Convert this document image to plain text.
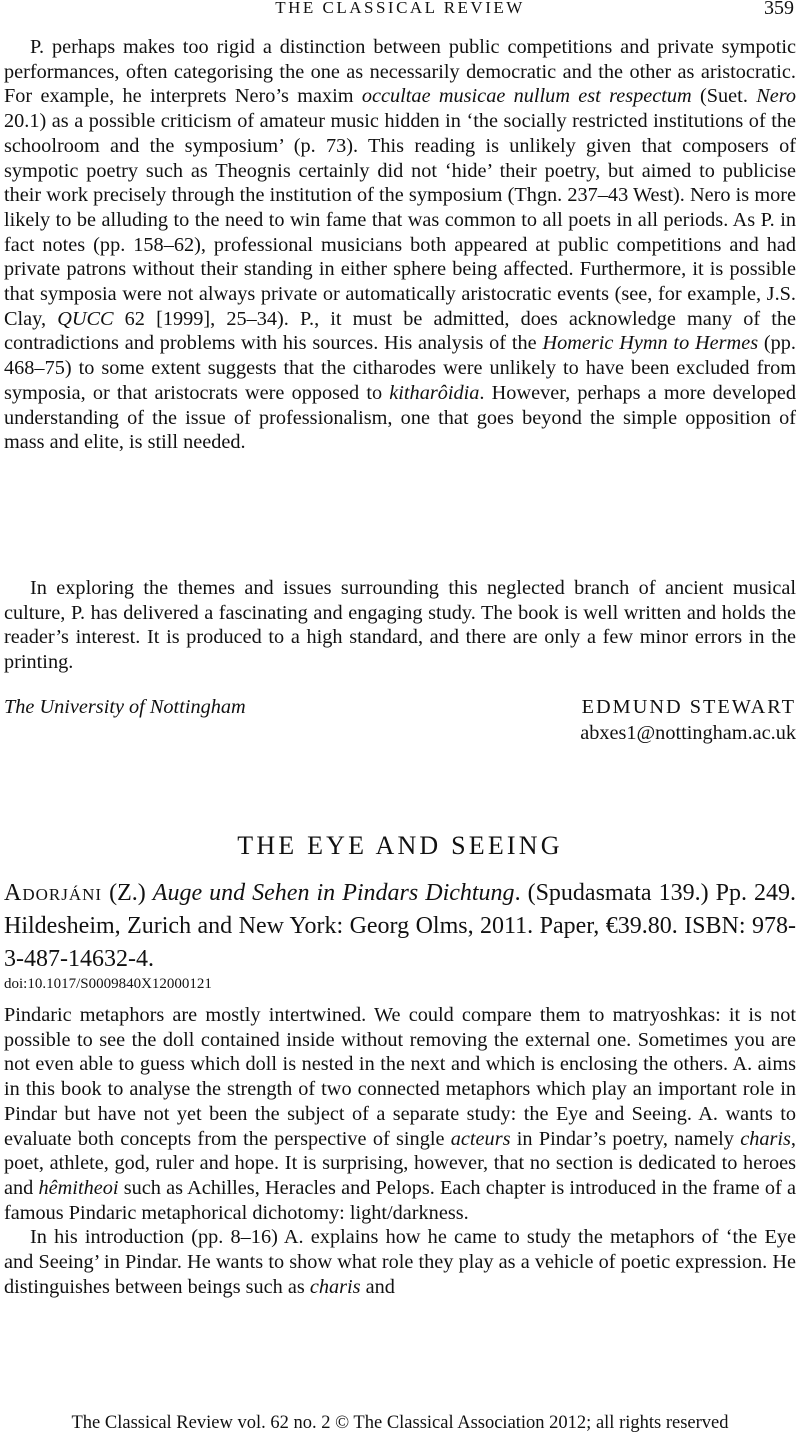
THE CLASSICAL REVIEW	359

P. perhaps makes too rigid a distinction between public competitions and private sympotic performances, often categorising the one as necessarily democratic and the other as aristocratic. For example, he interprets Nero’s maxim occultae musicae nullum est respectum (Suet. Nero 20.1) as a possible criticism of amateur music hidden in ‘the socially restricted institutions of the schoolroom and the symposium’ (p. 73). This reading is unlikely given that composers of sympotic poetry such as Theognis certainly did not ‘hide’ their poetry, but aimed to publicise their work precisely through the institution of the symposium (Thgn. 237–43 West). Nero is more likely to be alluding to the need to win fame that was common to all poets in all periods. As P. in fact notes (pp. 158–62), professional musicians both appeared at public competitions and had private patrons without their standing in either sphere being affected. Furthermore, it is possible that symposia were not always private or automatically aristocratic events (see, for example, J.S. Clay, QUCC 62 [1999], 25–34). P., it must be admitted, does acknowledge many of the contradictions and problems with his sources. His analysis of the Homeric Hymn to Hermes (pp. 468–75) to some extent suggests that the citharodes were unlikely to have been excluded from symposia, or that aristocrats were opposed to kitharôidia. However, perhaps a more developed understanding of the issue of professionalism, one that goes beyond the simple opposition of mass and elite, is still needed.

In exploring the themes and issues surrounding this neglected branch of ancient musical culture, P. has delivered a fascinating and engaging study. The book is well written and holds the reader’s interest. It is produced to a high standard, and there are only a few minor errors in the printing.

The University of Nottingham	EDMUND STEWART
abxes1@nottingham.ac.uk
THE EYE AND SEEING
Adorjáni (Z.) Auge und Sehen in Pindars Dichtung. (Spudasmata 139.) Pp. 249. Hildesheim, Zurich and New York: Georg Olms, 2011. Paper, €39.80. ISBN: 978-3-487-14632-4.
doi:10.1017/S0009840X12000121

Pindaric metaphors are mostly intertwined. We could compare them to matryoshkas: it is not possible to see the doll contained inside without removing the external one. Sometimes you are not even able to guess which doll is nested in the next and which is enclosing the others. A. aims in this book to analyse the strength of two connected metaphors which play an important role in Pindar but have not yet been the subject of a separate study: the Eye and Seeing. A. wants to evaluate both concepts from the perspective of single acteurs in Pindar’s poetry, namely charis, poet, athlete, god, ruler and hope. It is surprising, however, that no section is dedicated to heroes and hêmitheoi such as Achilles, Heracles and Pelops. Each chapter is introduced in the frame of a famous Pindaric metaphorical dichotomy: light/darkness.

In his introduction (pp. 8–16) A. explains how he came to study the metaphors of ‘the Eye and Seeing’ in Pindar. He wants to show what role they play as a vehicle of poetic expression. He distinguishes between beings such as charis and

The Classical Review vol. 62 no. 2 © The Classical Association 2012; all rights reserved
